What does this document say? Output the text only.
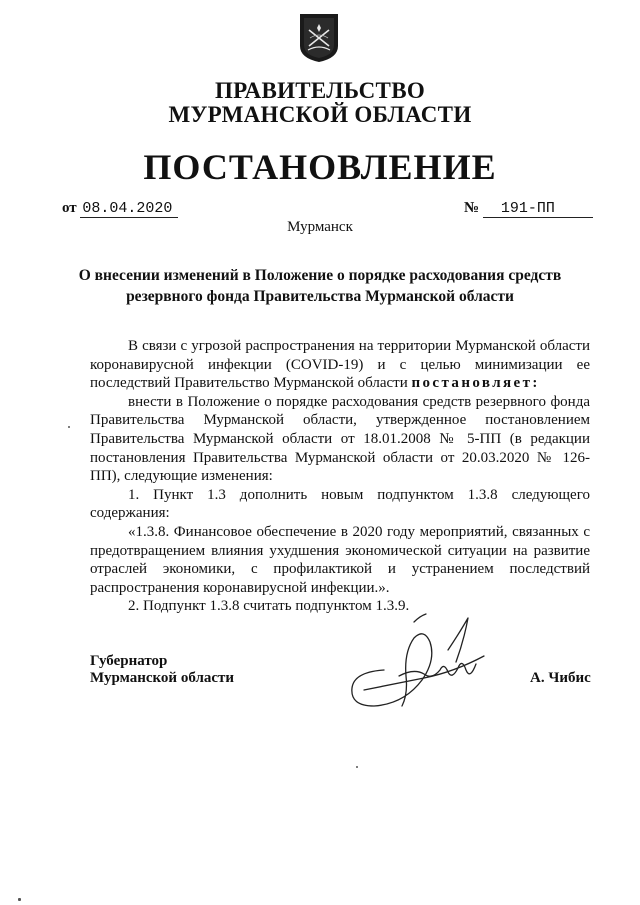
ПРАВИТЕЛЬСТВО
МУРМАНСКОЙ ОБЛАСТИ
ПОСТАНОВЛЕНИЕ
от 08.04.2020	№ 191-ПП
Мурманск
О внесении изменений в Положение о порядке расходования средств
резервного фонда Правительства Мурманской области

В связи с угрозой распространения на территории Мурманской области коронавирусной инфекции (COVID-19) и с целью минимизации ее последствий Правительство Мурманской области постановляет:

внести в Положение о порядке расходования средств резервного фонда Правительства Мурманской области, утвержденное постановлением Правительства Мурманской области от 18.01.2008 № 5-ПП (в редакции постановления Правительства Мурманской области от 20.03.2020 № 126-ПП), следующие изменения:

1. Пункт 1.3 дополнить новым подпунктом 1.3.8 следующего содержания:

«1.3.8. Финансовое обеспечение в 2020 году мероприятий, связанных с предотвращением влияния ухудшения экономической ситуации на развитие отраслей экономики, с профилактикой и устранением последствий распространения коронавирусной инфекции.».

2. Подпункт 1.3.8 считать подпунктом 1.3.9.

Губернатор
Мурманской области	А. Чибис
